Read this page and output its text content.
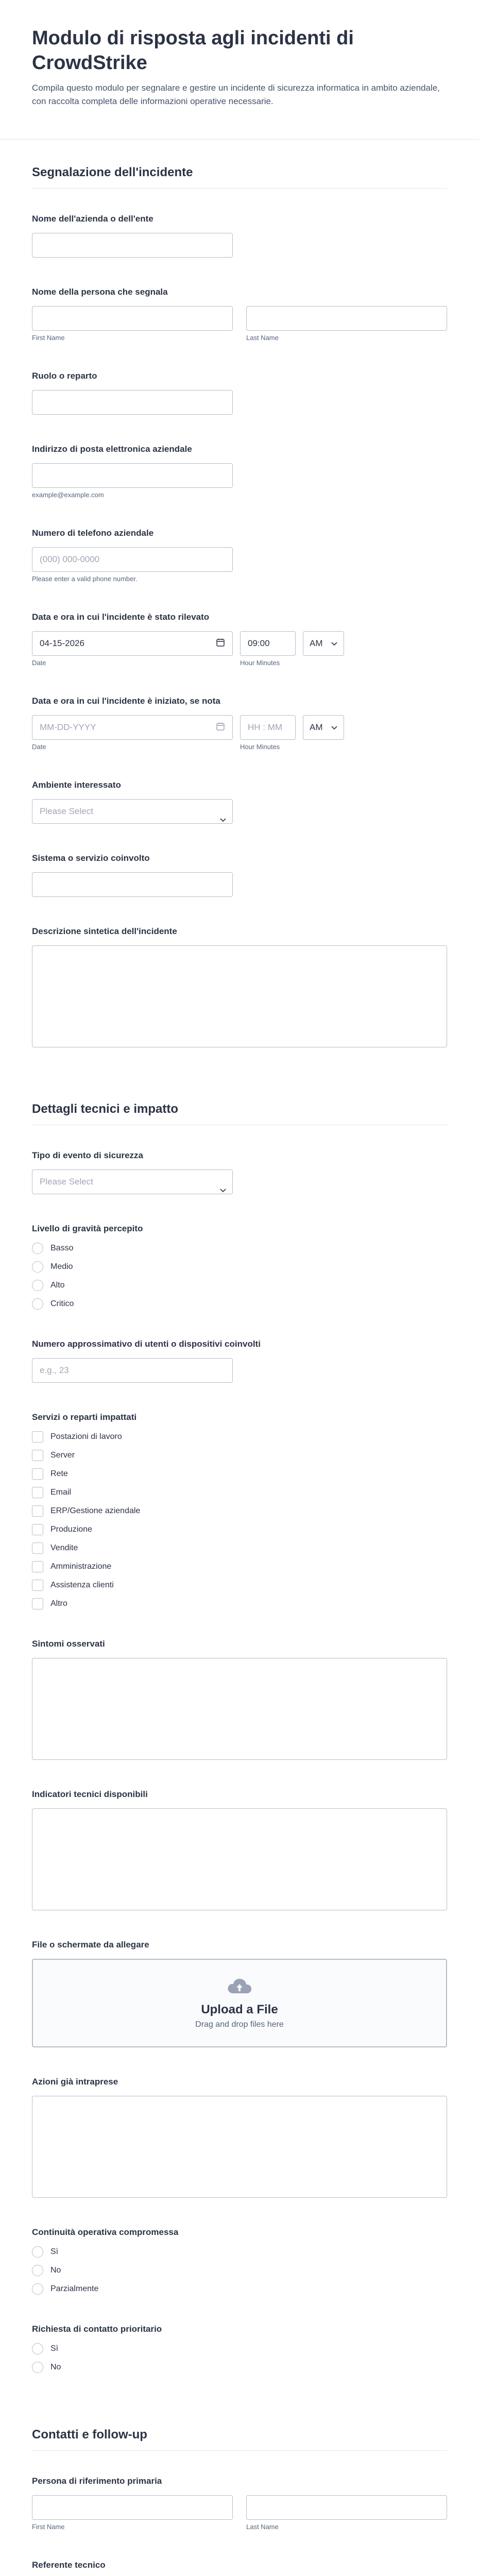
Modulo di risposta agli incidenti di CrowdStrike

Compila questo modulo per segnalare e gestire un incidente di sicurezza informatica in ambito aziendale, con raccolta completa delle informazioni operative necessarie.

Segnalazione dell'incidente
Nome dell'azienda o dell'ente
Nome della persona che segnala
First Name	Last Name
Ruolo o reparto
Indirizzo di posta elettronica aziendale
example@example.com
Numero di telefono aziendale
(000) 000-0000
Please enter a valid phone number.
Data e ora in cui l'incidente è stato rilevato
04-15-2026
Date
09:00
Hour Minutes
AM
Data e ora in cui l'incidente è iniziato, se nota
MM-DD-YYYY
Date
HH : MM
Hour Minutes
AM
Ambiente interessato
Please Select
Sistema o servizio coinvolto
Descrizione sintetica dell'incidente
Dettagli tecnici e impatto
Tipo di evento di sicurezza
Please Select
Livello di gravità percepito
Basso
Medio
Alto
Critico
Numero approssimativo di utenti o dispositivi coinvolti
e.g., 23
Servizi o reparti impattati
Postazioni di lavoro
Server
Rete
Email
ERP/Gestione aziendale
Produzione
Vendite
Amministrazione
Assistenza clienti
Altro
Sintomi osservati
Indicatori tecnici disponibili
File o schermate da allegare
Upload a File
Drag and drop files here
Azioni già intraprese
Continuità operativa compromessa
Sì
No
Parzialmente
Richiesta di contatto prioritario
Sì
No
Contatti e follow-up
Persona di riferimento primaria
First Name	Last Name
Referente tecnico
